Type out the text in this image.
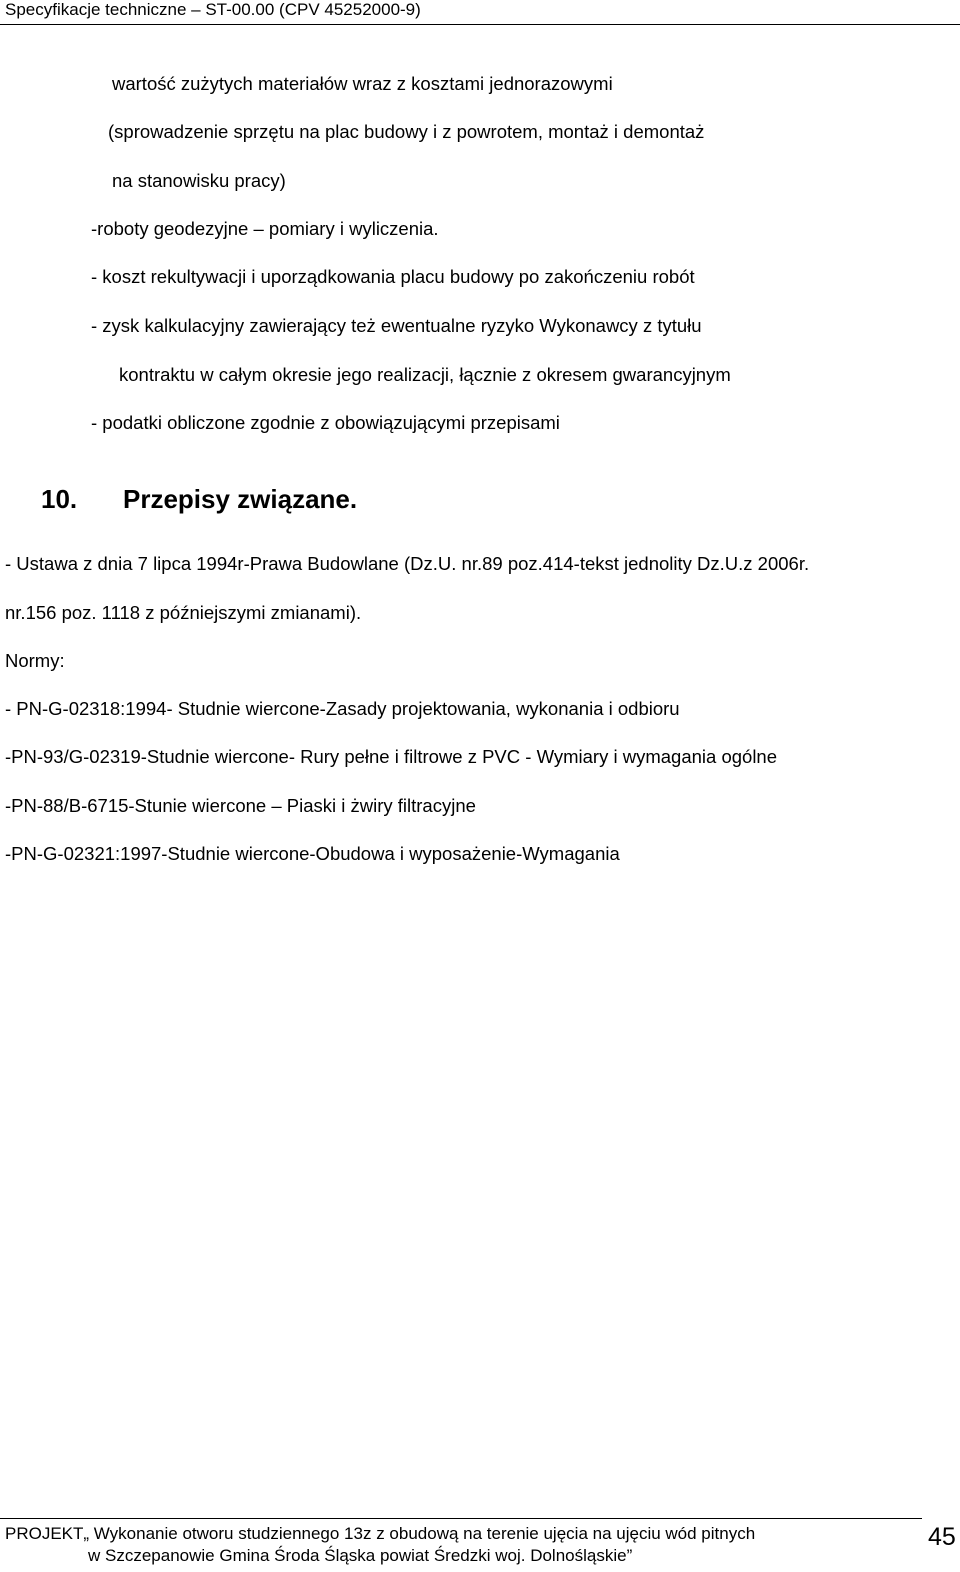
Specyfikacje techniczne – ST-00.00 (CPV 45252000-9)
wartość zużytych materiałów wraz z kosztami jednorazowymi
(sprowadzenie sprzętu na plac budowy i z powrotem, montaż i demontaż
na stanowisku pracy)
-roboty geodezyjne – pomiary i wyliczenia.
- koszt rekultywacji i uporządkowania placu budowy po zakończeniu robót
- zysk kalkulacyjny zawierający też ewentualne ryzyko Wykonawcy z tytułu
kontraktu w całym okresie jego realizacji, łącznie z okresem gwarancyjnym
- podatki obliczone zgodnie z obowiązującymi przepisami
10. Przepisy związane.
- Ustawa z dnia 7 lipca 1994r-Prawa Budowlane (Dz.U. nr.89 poz.414-tekst jednolity Dz.U.z 2006r.
nr.156 poz. 1118 z późniejszymi zmianami).
Normy:
- PN-G-02318:1994- Studnie wiercone-Zasady projektowania, wykonania i odbioru
-PN-93/G-02319-Studnie wiercone- Rury pełne i filtrowe z PVC - Wymiary i wymagania ogólne
-PN-88/B-6715-Stunie wiercone – Piaski i żwiry filtracyjne
-PN-G-02321:1997-Studnie wiercone-Obudowa i wyposażenie-Wymagania
PROJEKT„ Wykonanie otworu studziennego 13z z obudową na terenie ujęcia na ujęciu wód pitnych
w Szczepanowie Gmina Środa Śląska powiat Średzki woj. Dolnośląskie”
45
